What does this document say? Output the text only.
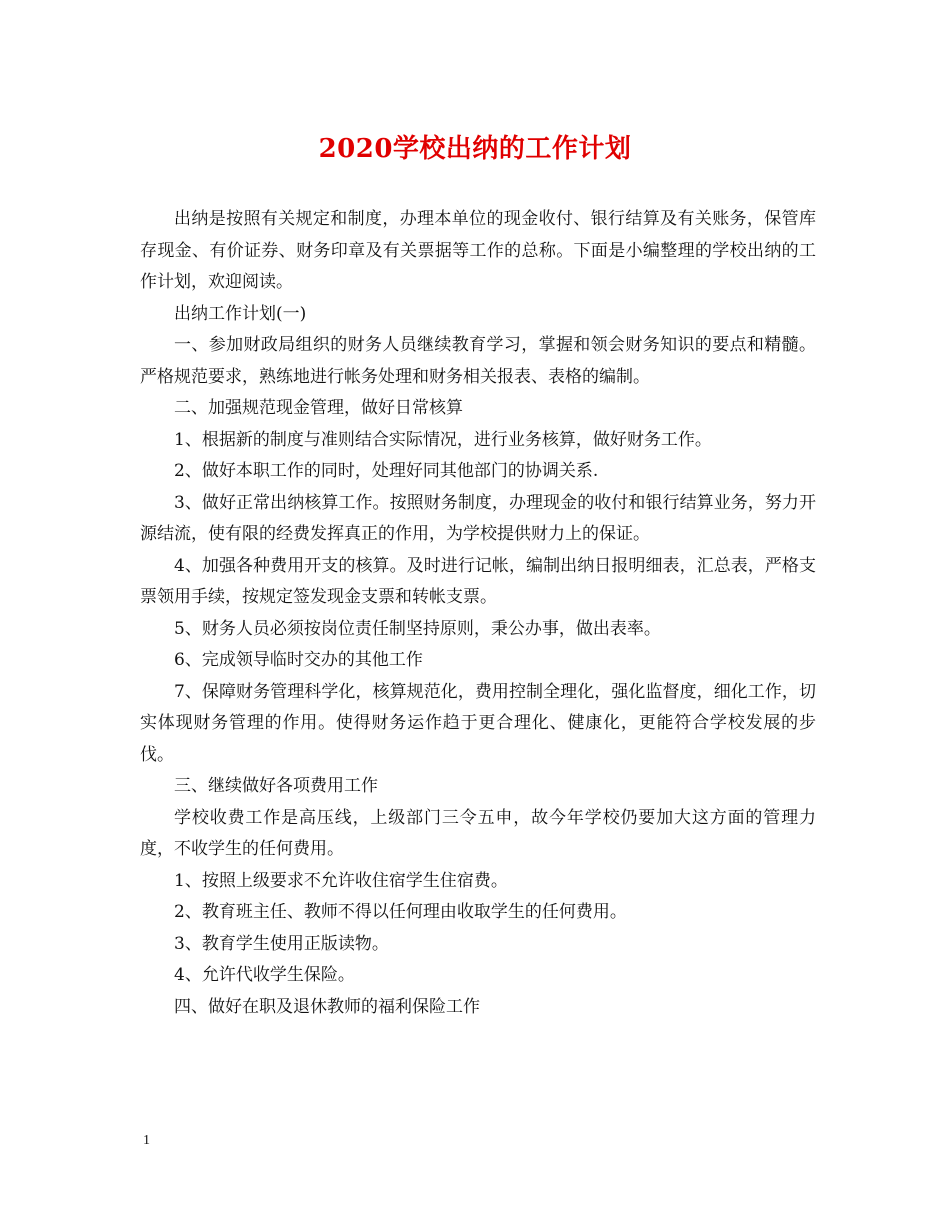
2020学校出纳的工作计划

出纳是按照有关规定和制度，办理本单位的现金收付、银行结算及有关账务，保管库存现金、有价证券、财务印章及有关票据等工作的总称。下面是小编整理的学校出纳的工作计划，欢迎阅读。

出纳工作计划(一)

一、参加财政局组织的财务人员继续教育学习，掌握和领会财务知识的要点和精髓。严格规范要求，熟练地进行帐务处理和财务相关报表、表格的编制。

二、加强规范现金管理，做好日常核算

1、根据新的制度与准则结合实际情况，进行业务核算，做好财务工作。

2、做好本职工作的同时，处理好同其他部门的协调关系.

3、做好正常出纳核算工作。按照财务制度，办理现金的收付和银行结算业务，努力开源结流，使有限的经费发挥真正的作用，为学校提供财力上的保证。

4、加强各种费用开支的核算。及时进行记帐，编制出纳日报明细表，汇总表，严格支票领用手续，按规定签发现金支票和转帐支票。

5、财务人员必须按岗位责任制坚持原则，秉公办事，做出表率。

6、完成领导临时交办的其他工作

7、保障财务管理科学化，核算规范化，费用控制全理化，强化监督度，细化工作，切实体现财务管理的作用。使得财务运作趋于更合理化、健康化，更能符合学校发展的步伐。

三、继续做好各项费用工作

学校收费工作是高压线，上级部门三令五申，故今年学校仍要加大这方面的管理力度，不收学生的任何费用。

1、按照上级要求不允许收住宿学生住宿费。

2、教育班主任、教师不得以任何理由收取学生的任何费用。

3、教育学生使用正版读物。

4、允许代收学生保险。

四、做好在职及退休教师的福利保险工作

1
